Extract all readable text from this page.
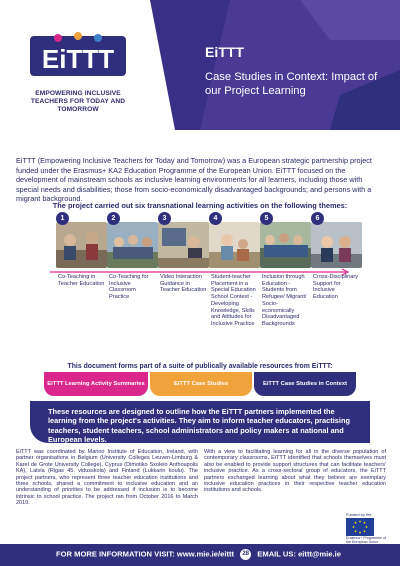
EiTTT
EMPOWERING INCLUSIVE TEACHERS FOR TODAY AND TOMORROW
EiTTT
Case Studies in Context: Impact of our Project Learning

EiTTT (Empowering Inclusive Teachers for Today and Tomorrow) was a European strategic partnership project funded under the Erasmus+ KA2 Education Programme of the European Union. EiTTT focused on the development of mainstream schools as inclusive learning environments for all learners, including those with special needs and disabilities; those from socio-economically disadvantaged backgrounds; and persons with a migrant background.

The project carried out six transnational learning activities on the following themes:
1
Co-Teaching in Teacher Education
2
Co-Teaching for Inclusive Classroom Practice
3
Video Interaction Guidance in Teacher Education
4
Student-teacher Placement in a Special Education School Context - Developing Knowledge, Skills and Attitudes for Inclusive Practice
5
Inclusion through Education - Students from Refugee/ Migrant/ Socio-economically Disadvantaged Backgrounds
6
Cross-Disciplinary Support for Inclusive Education
This document forms part of a suite of publically available resources from EiTTT:
EiTTT Learning Activity Summaries	EiTTT Case Studies	EiTTT Case Studies in Context

These resources are designed to outline how the EiTTT partners implemented the learning from the project's activities. They aim to inform teacher educators, practising teachers, student teachers, school administrators and policy makers at national and European levels.

EiTTT was coordinated by Marino Institute of Education, Ireland, with partner organisations in Belgium (University Colleges Leuven-Limburg & Karel de Grote University College), Cyprus (Dimotiko Sxoleio Anthoupolis KA), Latvia (Rigas 45. vidusskola) and Finland (Lukkarin koulu). The project partners, who represent three teacher education institutions and three schools, shared a commitment to inclusive education and an understanding of priorities to be addressed if inclusion is to become intrinsic to school practice. The project ran from October 2016 to March 2019.

With a view to facilitating learning for all in the diverse population of contemporary classrooms, EiTTT identified that schools themselves must also be enabled to provide support structures that can facilitate teachers' inclusive practice. As a cross-sectoral group of educators, the EiTTT partners exchanged learning about what they believe are exemplary inclusive education practices in their respective teacher education institutions and schools.

Funded by the
Erasmus+ Programme of the European Union
FOR MORE INFORMATION VISIT: www.mie.ie/eittt 28 EMAIL US: eittt@mie.ie
